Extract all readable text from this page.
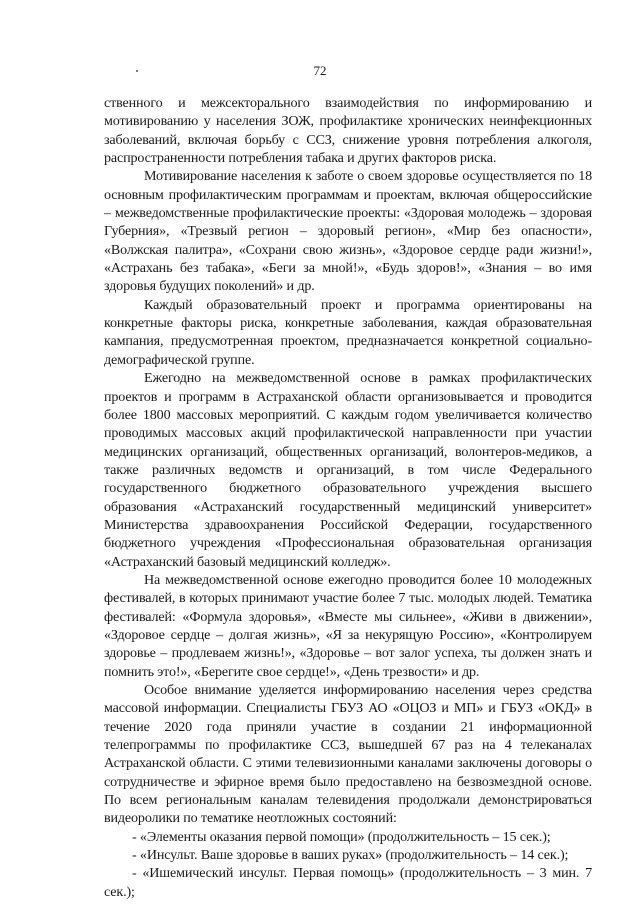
72

ственного и межсекторального взаимодействия по информированию и мотивированию у населения ЗОЖ, профилактике хронических неинфекционных заболеваний, включая борьбу с ССЗ, снижение уровня потребления алкоголя, распространенности потребления табака и других факторов риска.

Мотивирование населения к заботе о своем здоровье осуществляется по 18 основным профилактическим программам и проектам, включая общероссийские – межведомственные профилактические проекты: «Здоровая молодежь – здоровая Губерния», «Трезвый регион – здоровый регион», «Мир без опасности», «Волжская палитра», «Сохрани свою жизнь», «Здоровое сердце ради жизни!», «Астрахань без табака», «Беги за мной!», «Будь здоров!», «Знания – во имя здоровья будущих поколений» и др.

Каждый образовательный проект и программа ориентированы на конкретные факторы риска, конкретные заболевания, каждая образовательная кампания, предусмотренная проектом, предназначается конкретной социально-демографической группе.

Ежегодно на межведомственной основе в рамках профилактических проектов и программ в Астраханской области организовывается и проводится более 1800 массовых мероприятий. С каждым годом увеличивается количество проводимых массовых акций профилактической направленности при участии медицинских организаций, общественных организаций, волонтеров-медиков, а также различных ведомств и организаций, в том числе Федерального государственного бюджетного образовательного учреждения высшего образования «Астраханский государственный медицинский университет» Министерства здравоохранения Российской Федерации, государственного бюджетного учреждения «Профессиональная образовательная организация «Астраханский базовый медицинский колледж».

На межведомственной основе ежегодно проводится более 10 молодежных фестивалей, в которых принимают участие более 7 тыс. молодых людей. Тематика фестивалей: «Формула здоровья», «Вместе мы сильнее», «Живи в движении», «Здоровое сердце – долгая жизнь», «Я за некурящую Россию», «Контролируем здоровье – продлеваем жизнь!», «Здоровье – вот залог успеха, ты должен знать и помнить это!», «Берегите свое сердце!», «День трезвости» и др.

Особое внимание уделяется информированию населения через средства массовой информации. Специалисты ГБУЗ АО «ОЦОЗ и МП» и ГБУЗ «ОКД» в течение 2020 года приняли участие в создании 21 информационной телепрограммы по профилактике ССЗ, вышедшей 67 раз на 4 телеканалах Астраханской области. С этими телевизионными каналами заключены договоры о сотрудничестве и эфирное время было предоставлено на безвозмездной основе. По всем региональным каналам телевидения продолжали демонстрироваться видеоролики по тематике неотложных состояний:

- «Элементы оказания первой помощи» (продолжительность – 15 сек.);

- «Инсульт. Ваше здоровье в ваших руках» (продолжительность – 14 сек.);

- «Ишемический инсульт. Первая помощь» (продолжительность – 3 мин. 7 сек.);
